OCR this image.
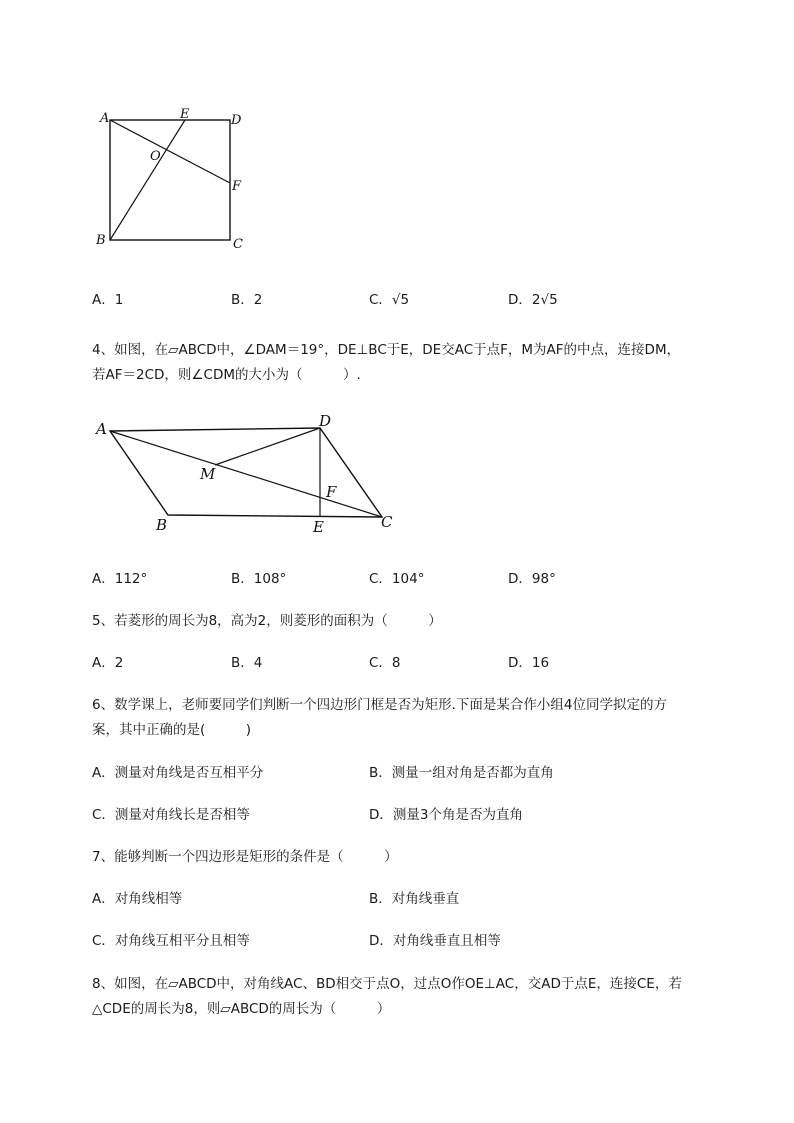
A	E	D
O
F
B	C
A．1	B．2	C．√5	D．2√5
4、如图，在▱ABCD中，∠DAM＝19°，DE⊥BC于E，DE交AC于点F，M为AF的中点，连接DM，
若AF＝2CD，则∠CDM的大小为（　　　）.
A	D
M
F
B	E	C
A．112°	B．108°	C．104°	D．98°
5、若菱形的周长为8，高为2，则菱形的面积为（　　　）
A．2	B．4	C．8	D．16
6、数学课上，老师要同学们判断一个四边形门框是否为矩形.下面是某合作小组4位同学拟定的方
案，其中正确的是(　　　)
A．测量对角线是否互相平分	B．测量一组对角是否都为直角
C．测量对角线长是否相等	D．测量3个角是否为直角
7、能够判断一个四边形是矩形的条件是（　　　）
A．对角线相等	B．对角线垂直
C．对角线互相平分且相等	D．对角线垂直且相等
8、如图，在▱ABCD中，对角线AC、BD相交于点O，过点O作OE⊥AC，交AD于点E，连接CE，若
△CDE的周长为8，则▱ABCD的周长为（　　　）
